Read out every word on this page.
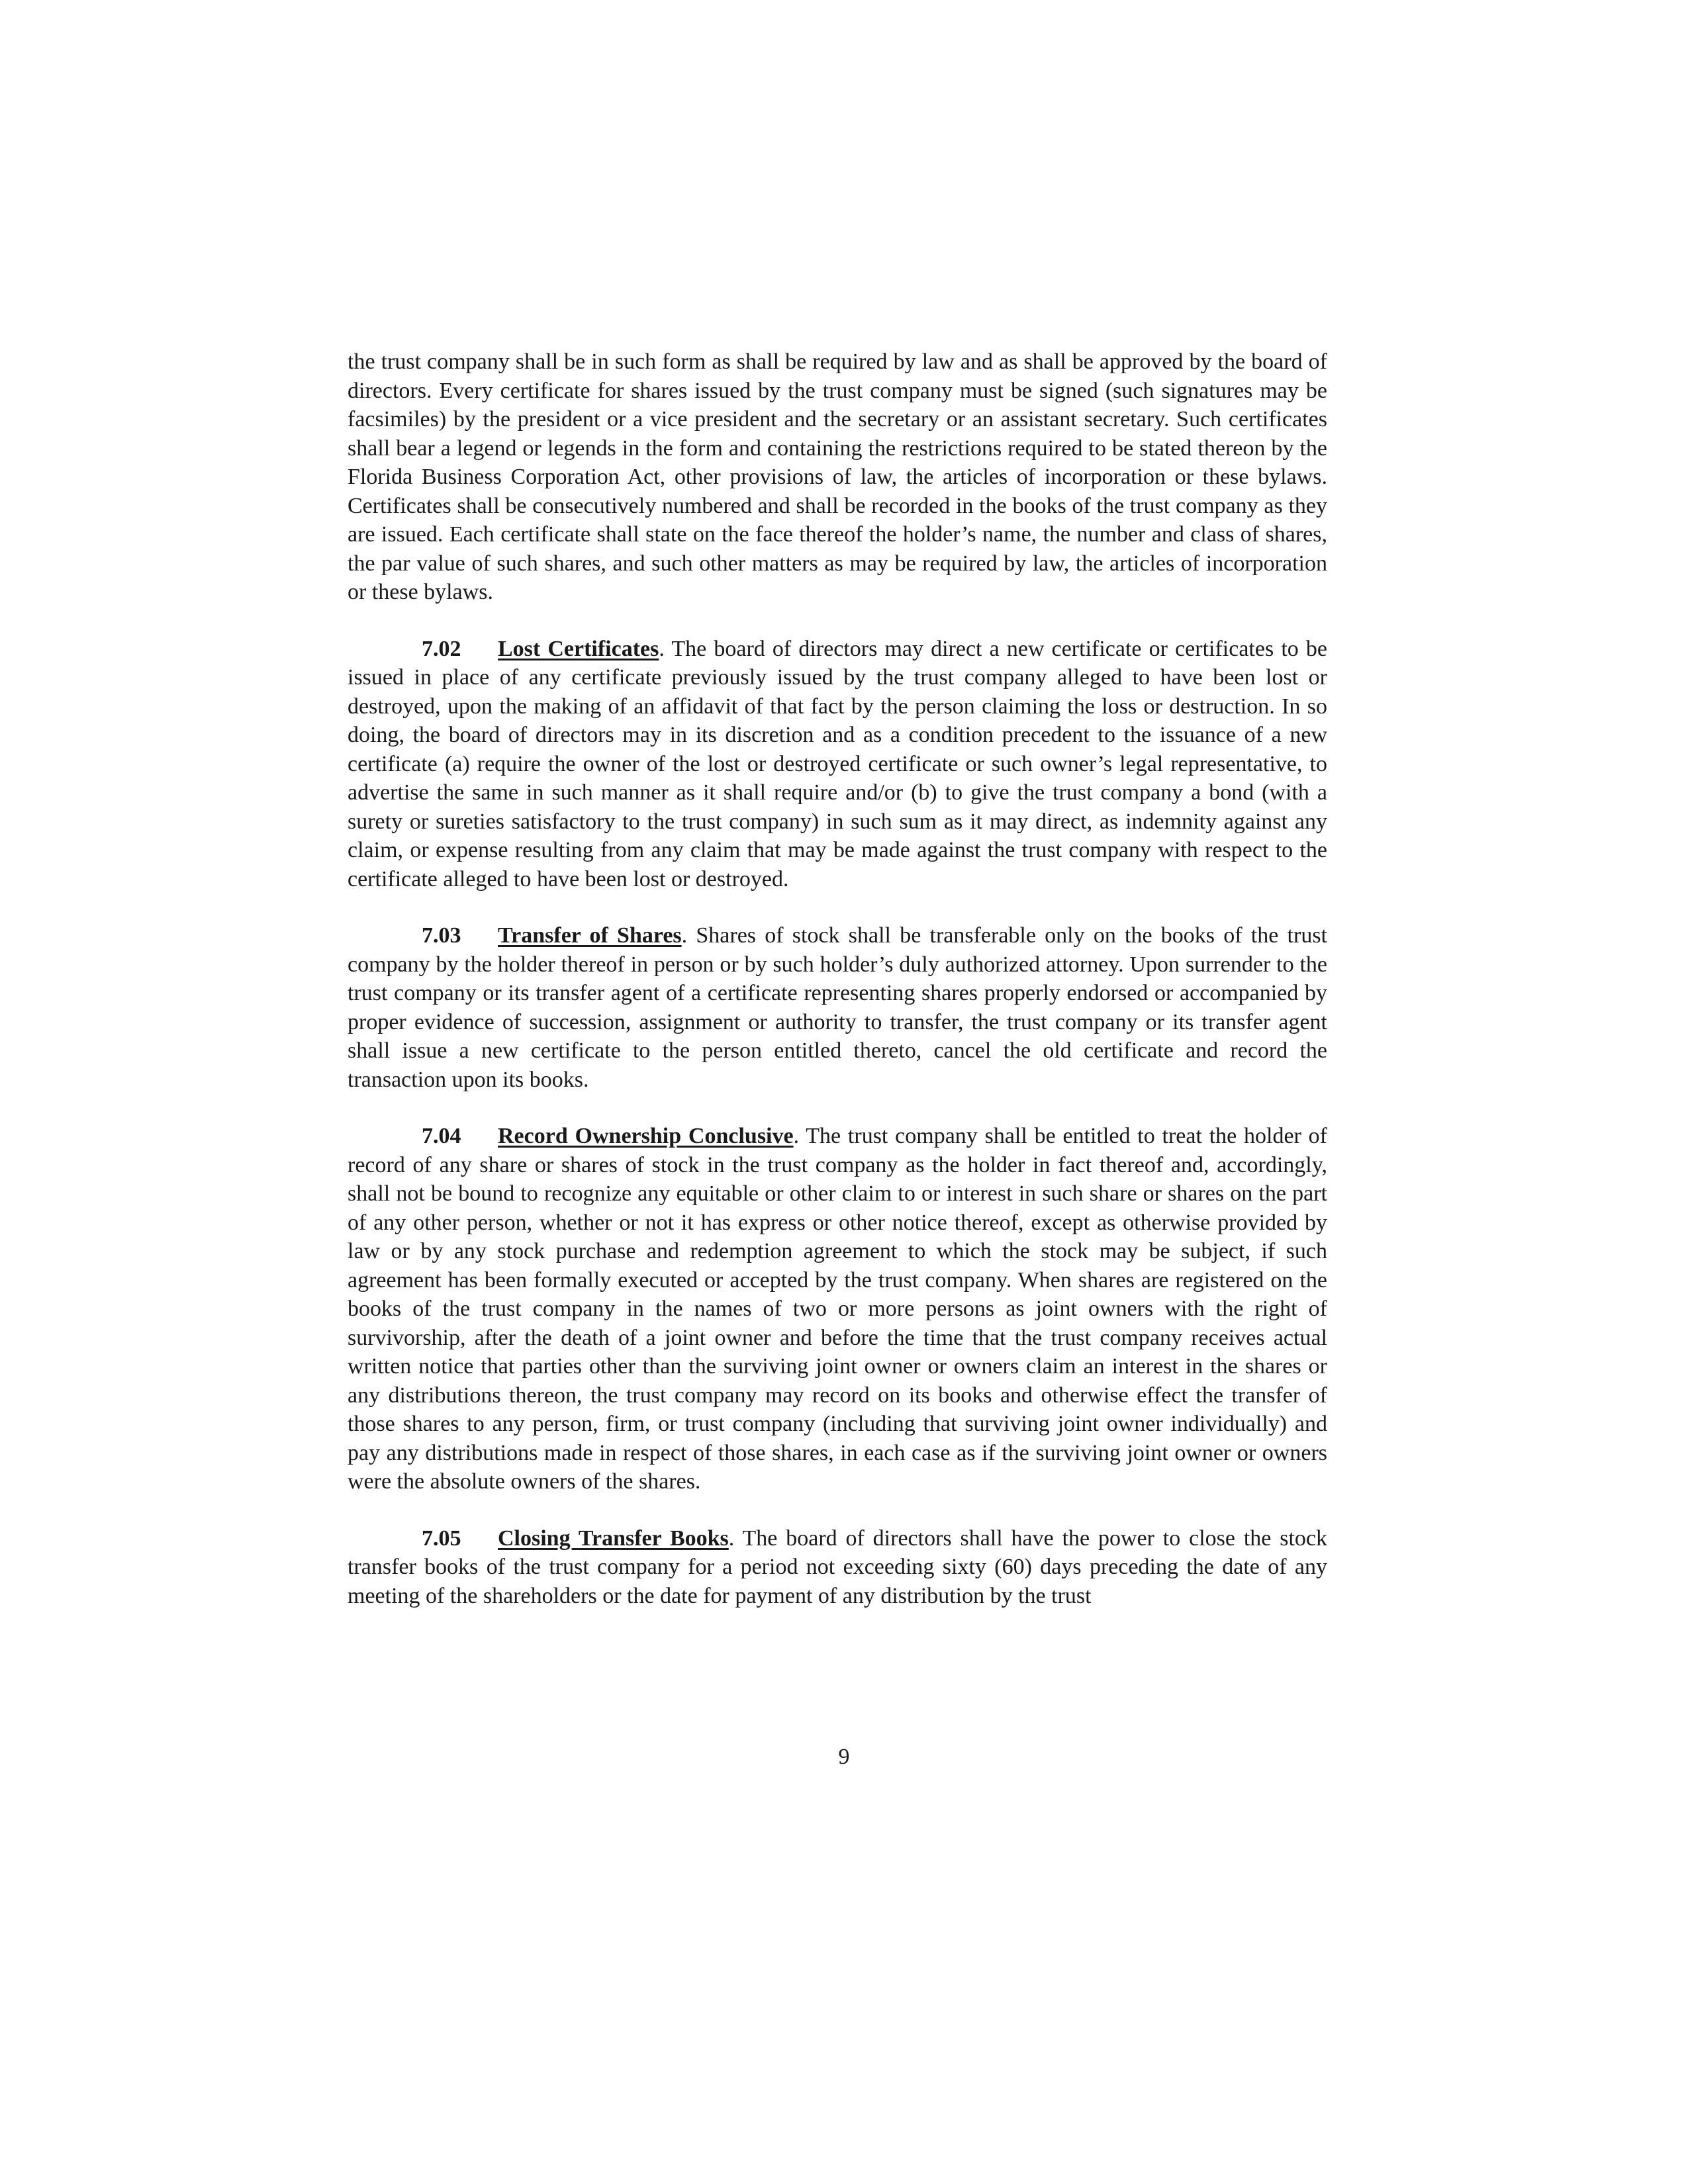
the trust company shall be in such form as shall be required by law and as shall be approved by the board of directors. Every certificate for shares issued by the trust company must be signed (such signatures may be facsimiles) by the president or a vice president and the secretary or an assistant secretary. Such certificates shall bear a legend or legends in the form and containing the restrictions required to be stated thereon by the Florida Business Corporation Act, other provisions of law, the articles of incorporation or these bylaws. Certificates shall be consecutively numbered and shall be recorded in the books of the trust company as they are issued. Each certificate shall state on the face thereof the holder’s name, the number and class of shares, the par value of such shares, and such other matters as may be required by law, the articles of incorporation or these bylaws.

7.02 Lost Certificates. The board of directors may direct a new certificate or certificates to be issued in place of any certificate previously issued by the trust company alleged to have been lost or destroyed, upon the making of an affidavit of that fact by the person claiming the loss or destruction. In so doing, the board of directors may in its discretion and as a condition precedent to the issuance of a new certificate (a) require the owner of the lost or destroyed certificate or such owner’s legal representative, to advertise the same in such manner as it shall require and/or (b) to give the trust company a bond (with a surety or sureties satisfactory to the trust company) in such sum as it may direct, as indemnity against any claim, or expense resulting from any claim that may be made against the trust company with respect to the certificate alleged to have been lost or destroyed.

7.03 Transfer of Shares. Shares of stock shall be transferable only on the books of the trust company by the holder thereof in person or by such holder’s duly authorized attorney. Upon surrender to the trust company or its transfer agent of a certificate representing shares properly endorsed or accompanied by proper evidence of succession, assignment or authority to transfer, the trust company or its transfer agent shall issue a new certificate to the person entitled thereto, cancel the old certificate and record the transaction upon its books.

7.04 Record Ownership Conclusive. The trust company shall be entitled to treat the holder of record of any share or shares of stock in the trust company as the holder in fact thereof and, accordingly, shall not be bound to recognize any equitable or other claim to or interest in such share or shares on the part of any other person, whether or not it has express or other notice thereof, except as otherwise provided by law or by any stock purchase and redemption agreement to which the stock may be subject, if such agreement has been formally executed or accepted by the trust company. When shares are registered on the books of the trust company in the names of two or more persons as joint owners with the right of survivorship, after the death of a joint owner and before the time that the trust company receives actual written notice that parties other than the surviving joint owner or owners claim an interest in the shares or any distributions thereon, the trust company may record on its books and otherwise effect the transfer of those shares to any person, firm, or trust company (including that surviving joint owner individually) and pay any distributions made in respect of those shares, in each case as if the surviving joint owner or owners were the absolute owners of the shares.

7.05 Closing Transfer Books. The board of directors shall have the power to close the stock transfer books of the trust company for a period not exceeding sixty (60) days preceding the date of any meeting of the shareholders or the date for payment of any distribution by the trust

9
